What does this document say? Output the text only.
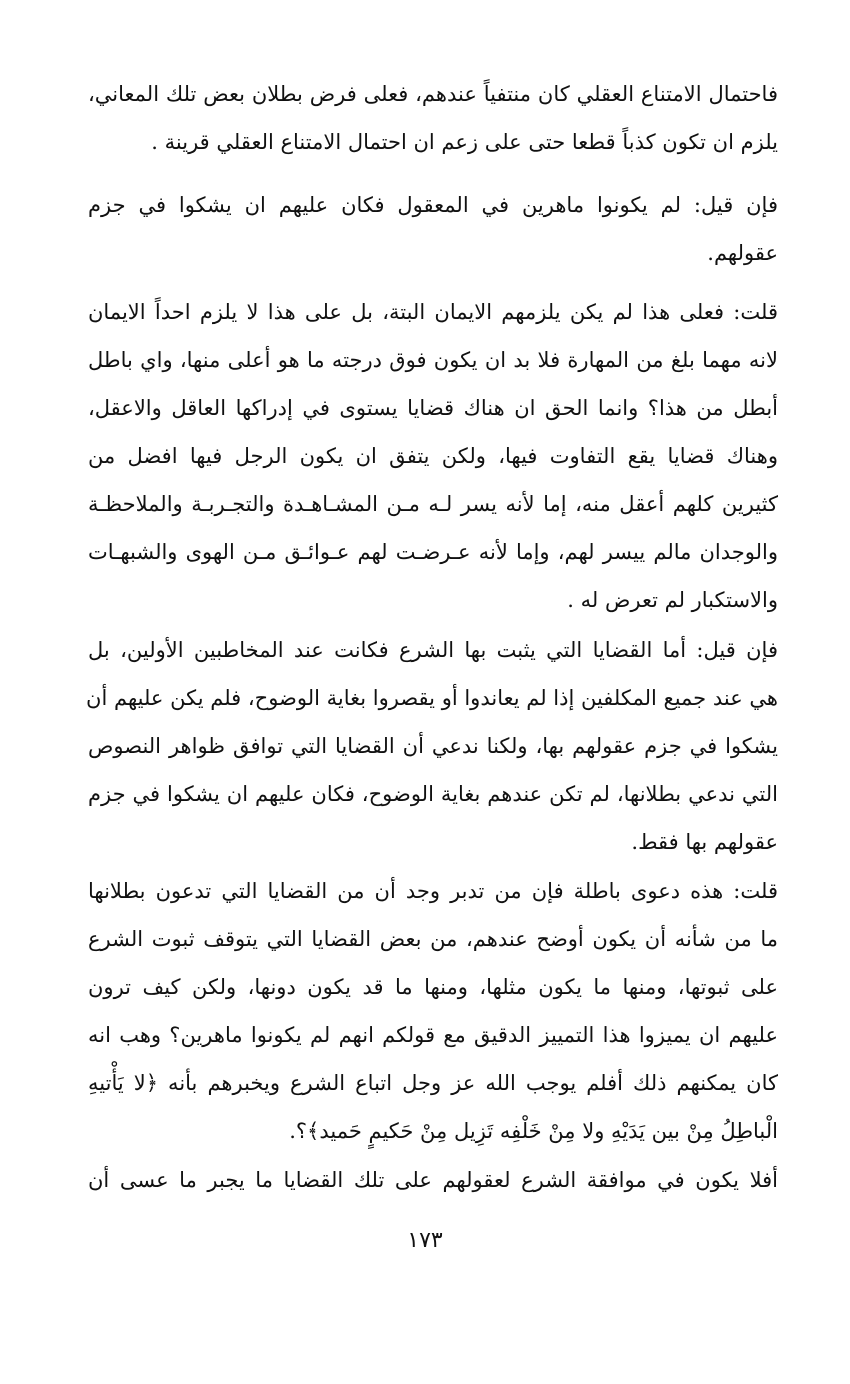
فاحتمال الامتناع العقلي كان منتفياً عندهم، فعلى فرض بطلان بعض تلك المعاني،
يلزم ان تكون كذباً قطعا حتى على زعم ان احتمال الامتناع العقلي قرينة .

فإن قيل: لم يكونوا ماهرين في المعقول فكان عليهم ان يشكوا في جزم
عقولهم.

قلت: فعلى هذا لم يكن يلزمهم الايمان البتة، بل على هذا لا يلزم احداً الايمان
لانه مهما بلغ من المهارة فلا بد ان يكون فوق درجته ما هو أعلى منها، واي باطل
أبطل من هذا؟ وانما الحق ان هناك قضايا يستوى في إدراكها العاقل والاعقل،
وهناك قضايا يقع التفاوت فيها، ولكن يتفق ان يكون الرجل فيها افضل من
كثيرين كلهم أعقل منه، إما لأنه يسر لـه مـن المشـاهـدة والتجـربـة والملاحظـة
والوجدان مالم ييسر لهم، وإما لأنه عـرضـت لهم عـوائـق مـن الهوى والشبهـات
والاستكبار لم تعرض له .

فإن قيل: أما القضايا التي يثبت بها الشرع فكانت عند المخاطبين الأولين، بل
هي عند جميع المكلفين إذا لم يعاندوا أو يقصروا بغاية الوضوح، فلم يكن عليهم أن
يشكوا في جزم عقولهم بها، ولكنا ندعي أن القضايا التي توافق ظواهر النصوص
التي ندعي بطلانها، لم تكن عندهم بغاية الوضوح، فكان عليهم ان يشكوا في جزم
عقولهم بها فقط.

قلت: هذه دعوى باطلة فإن من تدبر وجد أن من القضايا التي تدعون بطلانها
ما من شأنه أن يكون أوضح عندهم، من بعض القضايا التي يتوقف ثبوت الشرع
على ثبوتها، ومنها ما يكون مثلها، ومنها ما قد يكون دونها، ولكن كيف ترون
عليهم ان يميزوا هذا التمييز الدقيق مع قولكم انهم لم يكونوا ماهرين؟ وهب انه
كان يمكنهم ذلك أفلم يوجب الله عز وجل اتباع الشرع ويخبرهم بأنه ﴿لا يَأْتيهِ
الْباطِلُ مِنْ بين يَدَيْهِ ولا مِنْ خَلْفِه تَزِيل مِنْ حَكيمٍ حَميد﴾؟.

أفلا يكون في موافقة الشرع لعقولهم على تلك القضايا ما يجبر ما عسى أن

١٧٣
